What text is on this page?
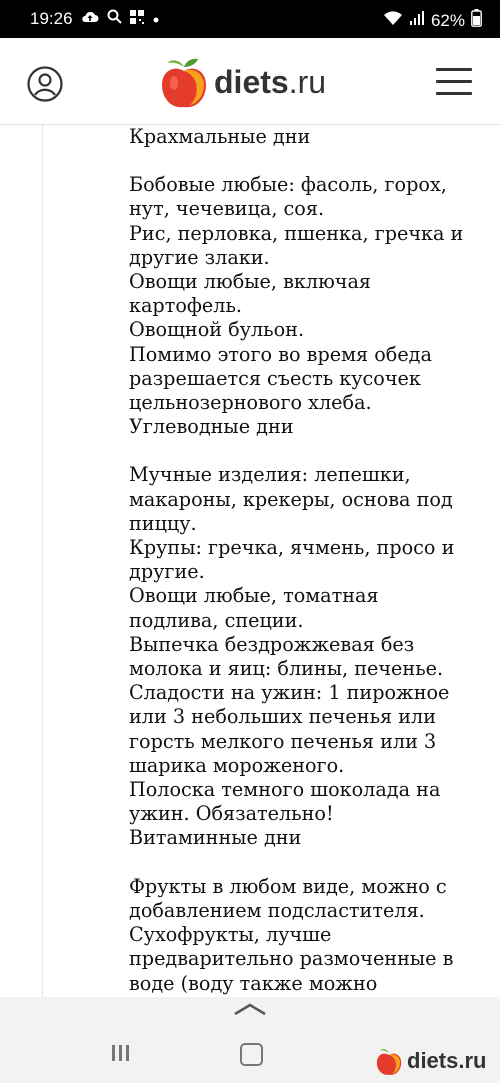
19:26	62%
diets.ru

Крахмальные дни

Бобовые любые: фасоль, горох,
нут, чечевица, соя.
Рис, перловка, пшенка, гречка и
другие злаки.
Овощи любые, включая
картофель.
Овощной бульон.
Помимо этого во время обеда
разрешается съесть кусочек
цельнозернового хлеба.
Углеводные дни

Мучные изделия: лепешки,
макароны, крекеры, основа под
пиццу.
Крупы: гречка, ячмень, просо и
другие.
Овощи любые, томатная
подлива, специи.
Выпечка бездрожжевая без
молока и яиц: блины, печенье.
Сладости на ужин: 1 пирожное
или 3 небольших печенья или
горсть мелкого печенья или 3
шарика мороженого.
Полоска темного шоколада на
ужин. Обязательно!
Витаминные дни

Фрукты в любом виде, можно с
добавлением подсластителя.
Сухофрукты, лучше
предварительно размоченные в
воде (воду также можно

diets.ru
